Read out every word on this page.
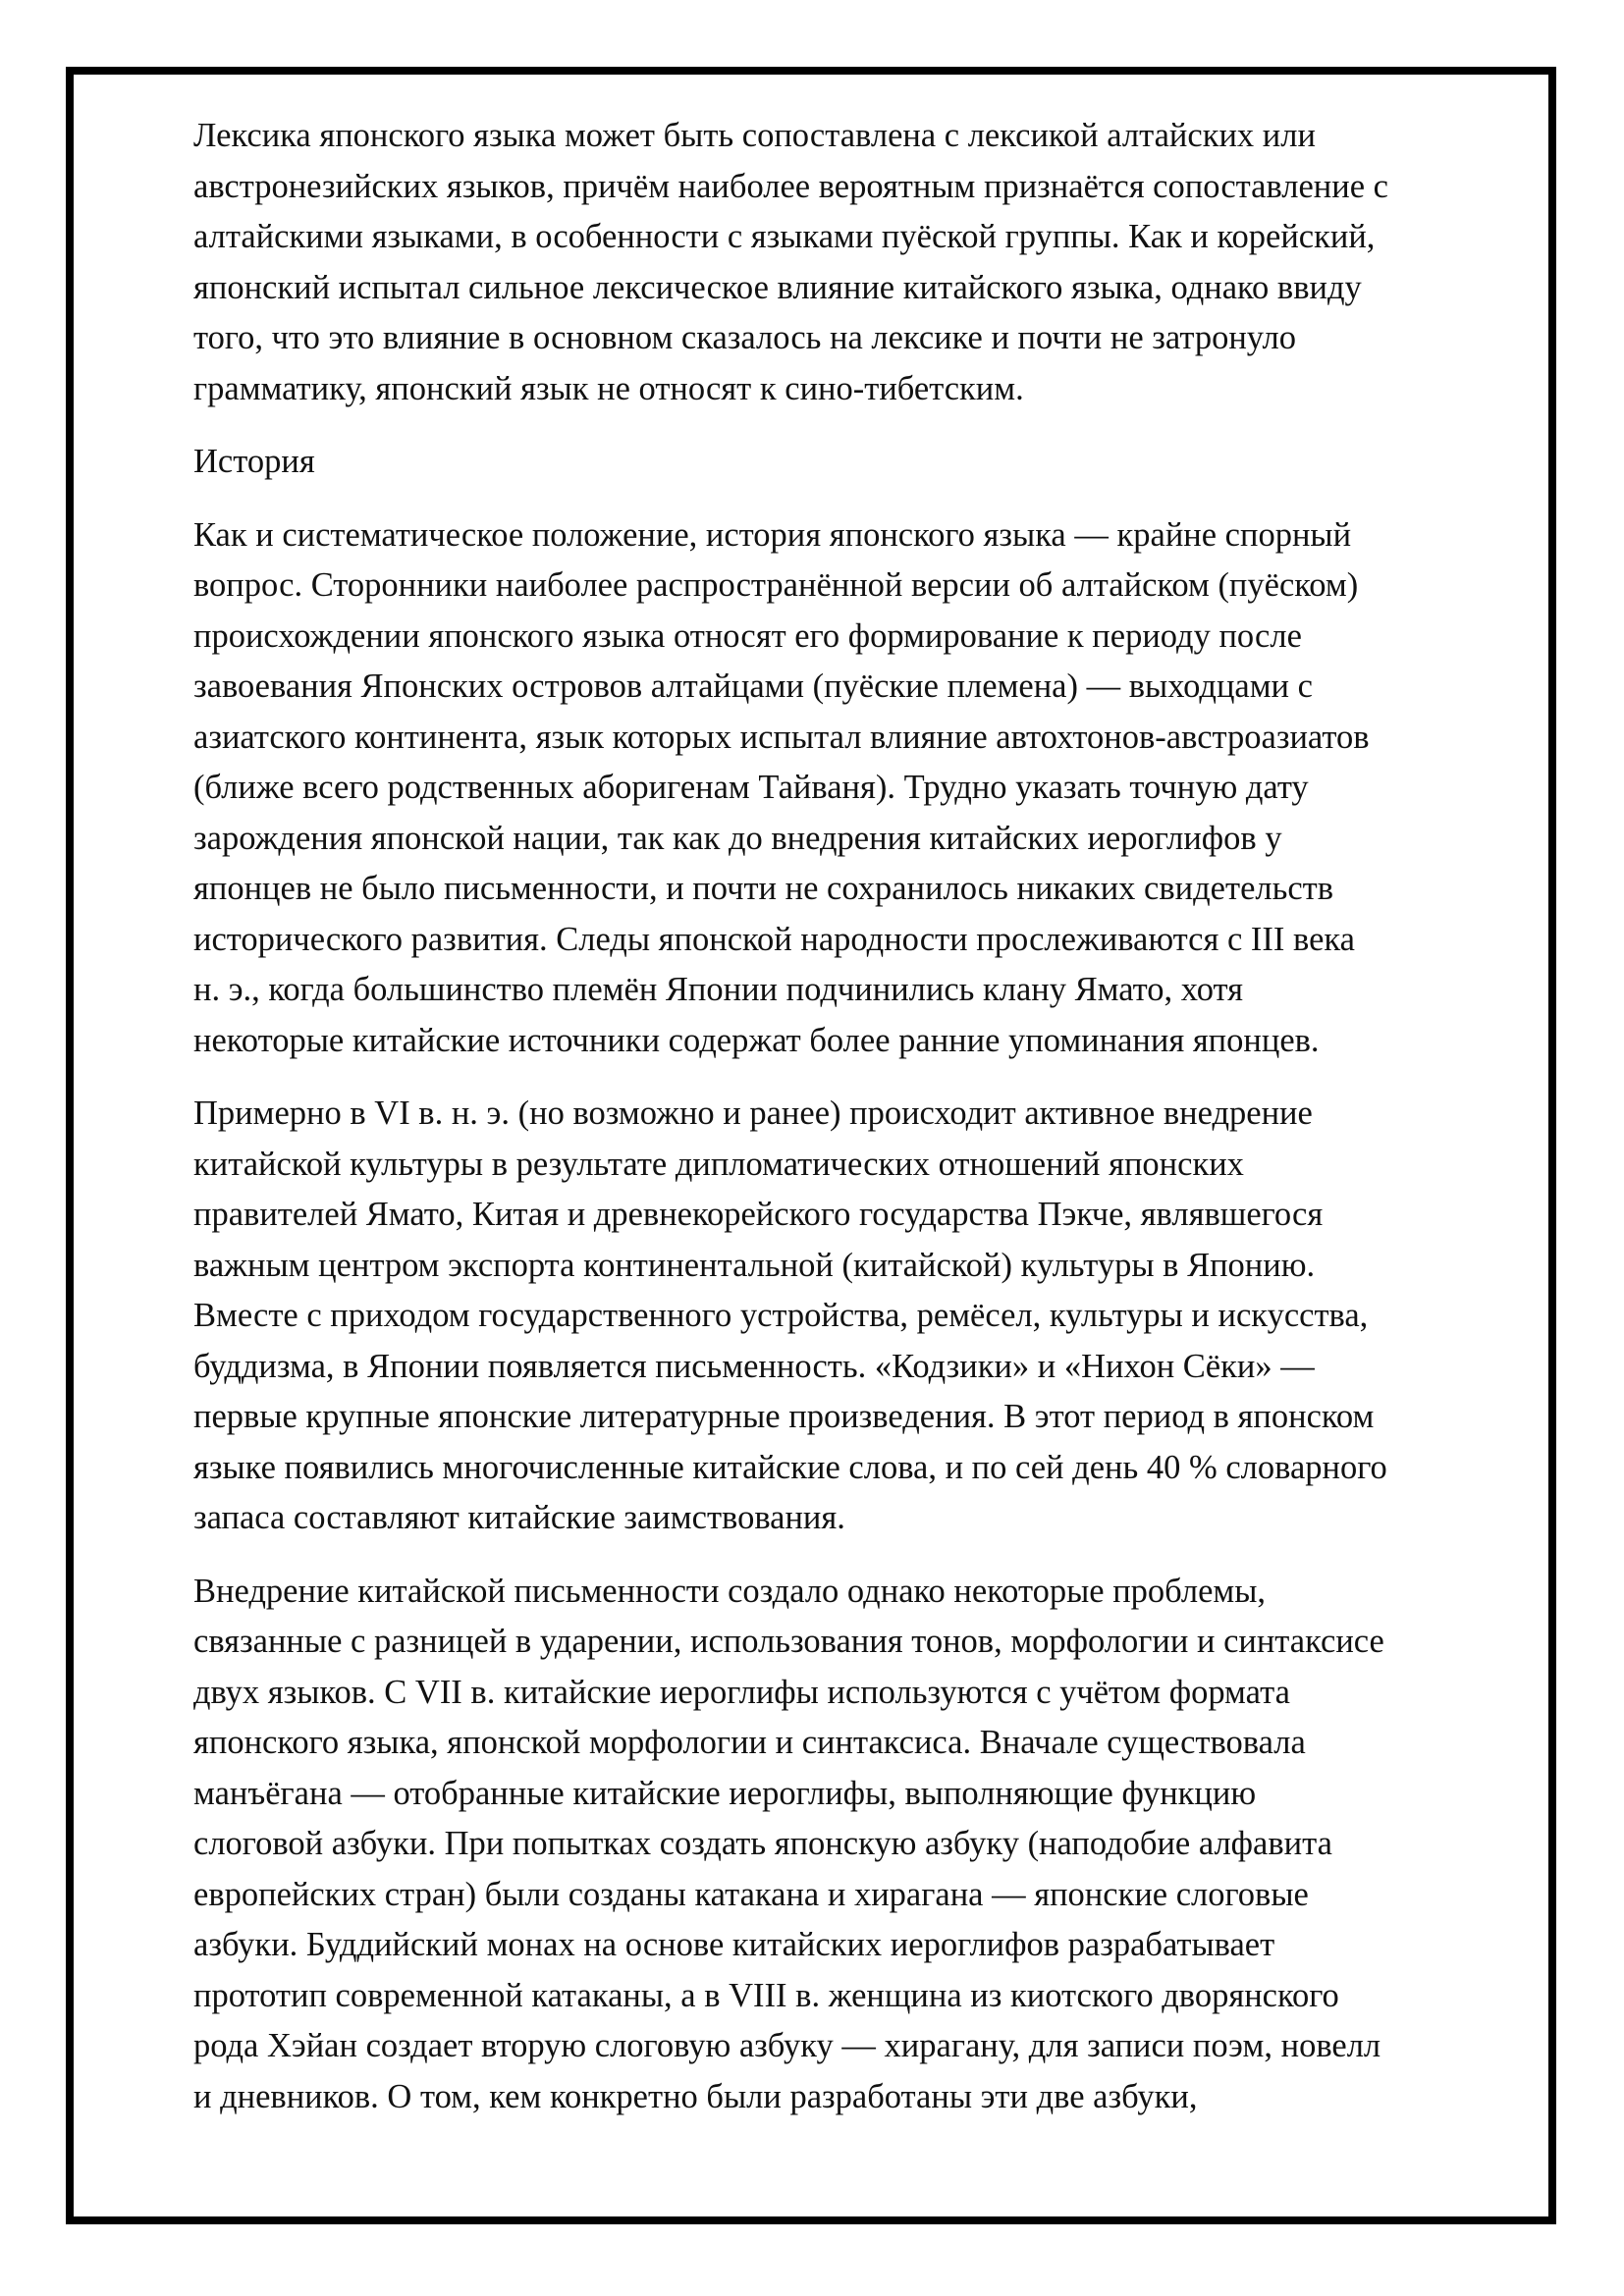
Лексика японского языка может быть сопоставлена с лексикой алтайских или
австронезийских языков, причём наиболее вероятным признаётся сопоставление с
алтайскими языками, в особенности с языками пуёской группы. Как и корейский,
японский испытал сильное лексическое влияние китайского языка, однако ввиду
того, что это влияние в основном сказалось на лексике и почти не затронуло
грамматику, японский язык не относят к сино-тибетским.

История

Как и систематическое положение, история японского языка — крайне спорный
вопрос. Сторонники наиболее распространённой версии об алтайском (пуёском)
происхождении японского языка относят его формирование к периоду после
завоевания Японских островов алтайцами (пуёские племена) — выходцами с
азиатского континента, язык которых испытал влияние автохтонов-австроазиатов
(ближе всего родственных аборигенам Тайваня). Трудно указать точную дату
зарождения японской нации, так как до внедрения китайских иероглифов у
японцев не было письменности, и почти не сохранилось никаких свидетельств
исторического развития. Следы японской народности прослеживаются с III века
н. э., когда большинство племён Японии подчинились клану Ямато, хотя
некоторые китайские источники содержат более ранние упоминания японцев.

Примерно в VI в. н. э. (но возможно и ранее) происходит активное внедрение
китайской культуры в результате дипломатических отношений японских
правителей Ямато, Китая и древнекорейского государства Пэкче, являвшегося
важным центром экспорта континентальной (китайской) культуры в Японию.
Вместе с приходом государственного устройства, ремёсел, культуры и искусства,
буддизма, в Японии появляется письменность. «Кодзики» и «Нихон Сёки» —
первые крупные японские литературные произведения. В этот период в японском
языке появились многочисленные китайские слова, и по сей день 40 % словарного
запаса составляют китайские заимствования.

Внедрение китайской письменности создало однако некоторые проблемы,
связанные с разницей в ударении, использования тонов, морфологии и синтаксисе
двух языков. С VII в. китайские иероглифы используются с учётом формата
японского языка, японской морфологии и синтаксиса. Вначале существовала
манъёгана — отобранные китайские иероглифы, выполняющие функцию
слоговой азбуки. При попытках создать японскую азбуку (наподобие алфавита
европейских стран) были созданы катакана и хирагана — японские слоговые
азбуки. Буддийский монах на основе китайских иероглифов разрабатывает
прототип современной катаканы, а в VIII в. женщина из киотского дворянского
рода Хэйан создает вторую слоговую азбуку — хирагану, для записи поэм, новелл
и дневников. О том, кем конкретно были разработаны эти две азбуки,
